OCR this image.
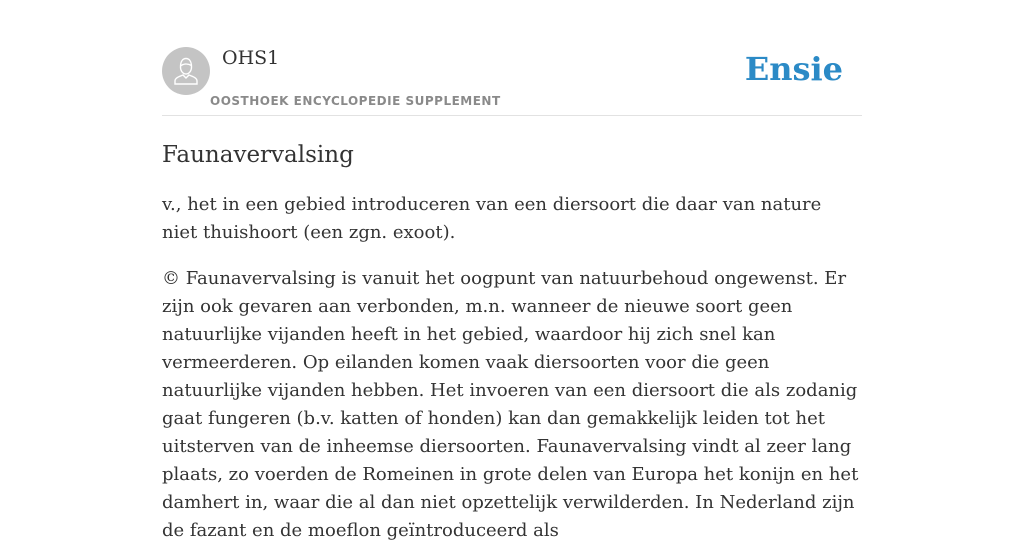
OHS1
OOSTHOEK ENCYCLOPEDIE SUPPLEMENT
Ensie
Faunavervalsing

v., het in een gebied introduceren van een diersoort die daar van nature niet thuishoort (een zgn. exoot).

© Faunavervalsing is vanuit het oogpunt van natuurbehoud ongewenst. Er zijn ook gevaren aan verbonden, m.n. wanneer de nieuwe soort geen natuurlijke vijanden heeft in het gebied, waardoor hij zich snel kan vermeerderen. Op eilanden komen vaak diersoorten voor die geen natuurlijke vijanden hebben. Het invoeren van een diersoort die als zodanig gaat fungeren (b.v. katten of honden) kan dan gemakkelijk leiden tot het uitsterven van de inheemse diersoorten. Faunavervalsing vindt al zeer lang plaats, zo voerden de Romeinen in grote delen van Europa het konijn en het damhert in, waar die al dan niet opzettelijk verwilderden. In Nederland zijn de fazant en de moeflon geïntroduceerd als
